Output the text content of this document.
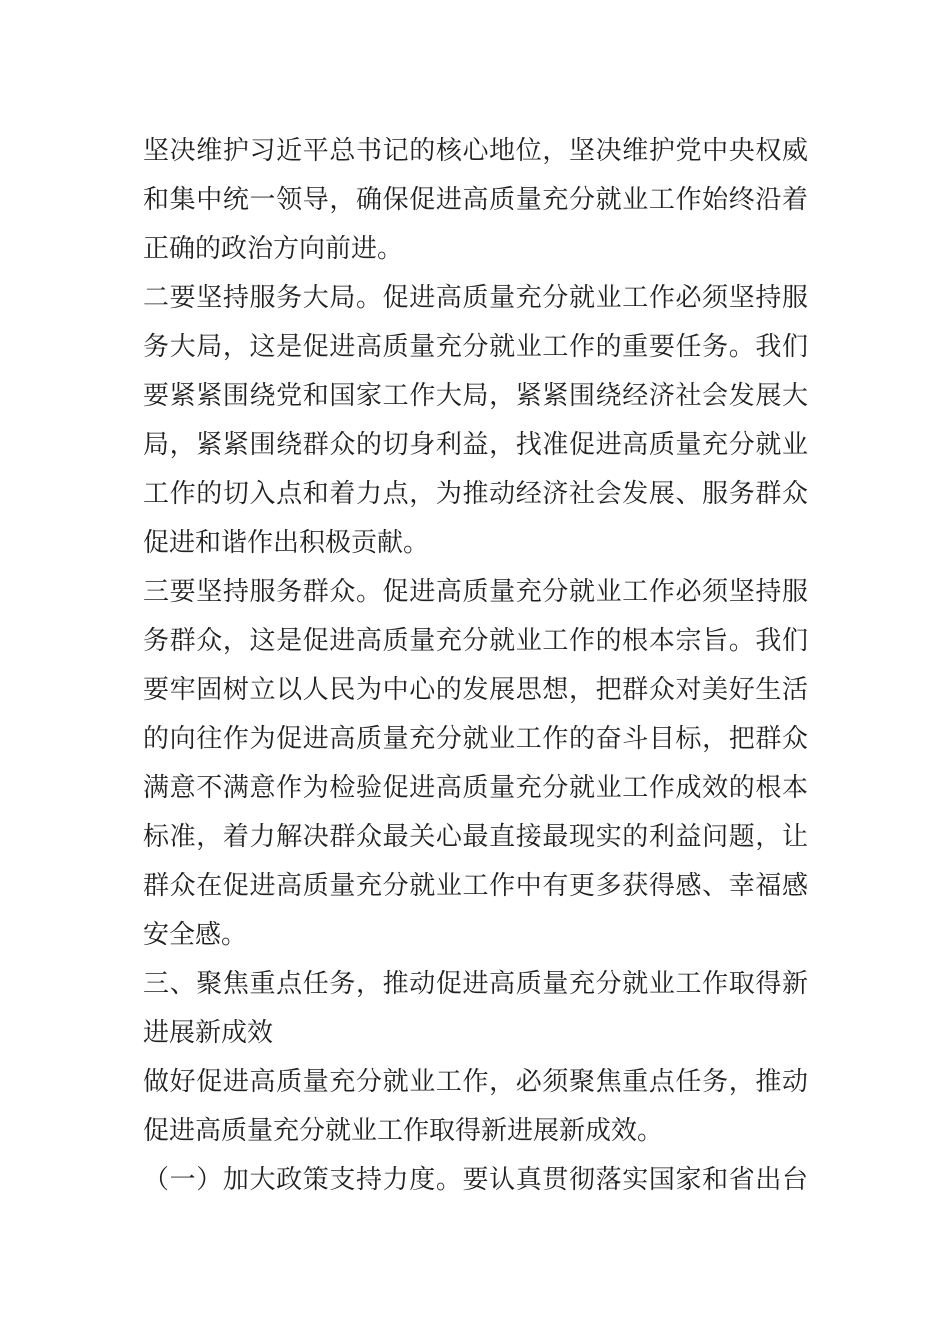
坚决维护习近平总书记的核心地位，坚决维护党中央权威
和集中统一领导，确保促进高质量充分就业工作始终沿着
正确的政治方向前进。
二要坚持服务大局。促进高质量充分就业工作必须坚持服
务大局，这是促进高质量充分就业工作的重要任务。我们
要紧紧围绕党和国家工作大局，紧紧围绕经济社会发展大
局，紧紧围绕群众的切身利益，找准促进高质量充分就业
工作的切入点和着力点，为推动经济社会发展、服务群众
促进和谐作出积极贡献。
三要坚持服务群众。促进高质量充分就业工作必须坚持服
务群众，这是促进高质量充分就业工作的根本宗旨。我们
要牢固树立以人民为中心的发展思想，把群众对美好生活
的向往作为促进高质量充分就业工作的奋斗目标，把群众
满意不满意作为检验促进高质量充分就业工作成效的根本
标准，着力解决群众最关心最直接最现实的利益问题，让
群众在促进高质量充分就业工作中有更多获得感、幸福感
安全感。
三、聚焦重点任务，推动促进高质量充分就业工作取得新
进展新成效
做好促进高质量充分就业工作，必须聚焦重点任务，推动
促进高质量充分就业工作取得新进展新成效。
（一）加大政策支持力度。要认真贯彻落实国家和省出台
